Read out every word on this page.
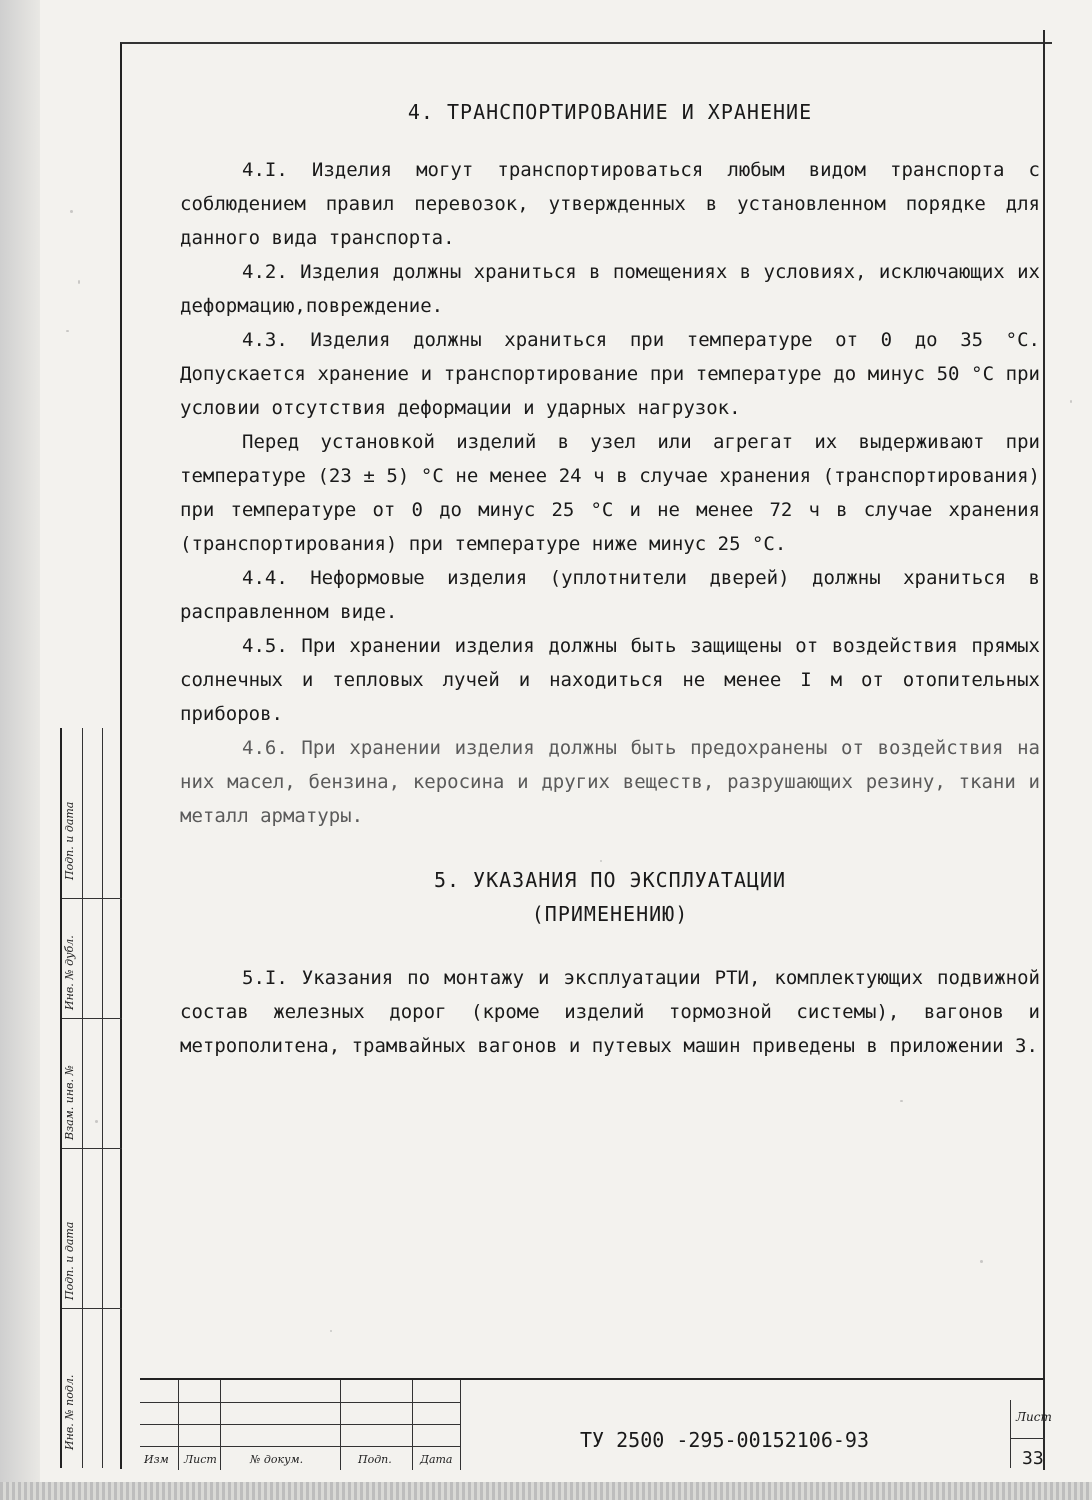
Подп. и дата
Инв. № дубл.
Взам. инв. №
Подп. и дата
Инв. № подл.

4. ТРАНСПОРТИРОВАНИЕ И ХРАНЕНИЕ

4.I. Изделия могут транспортироваться любым видом транспорта с соблюдением правил перевозок, утвержденных в установленном порядке для данного вида транспорта.

4.2. Изделия должны храниться в помещениях в условиях, исключающих их деформацию,повреждение.

4.3. Изделия должны храниться при температуре от 0 до 35 °С. Допускается хранение и транспортирование при температуре до минус 50 °С при условии отсутствия деформации и ударных нагрузок.

Перед установкой изделий в узел или агрегат их выдерживают при температуре (23 ± 5) °С не менее 24 ч в случае хранения (транспортирования) при температуре от 0 до минус 25 °С и не менее 72 ч в случае хранения (транспортирования) при температуре ниже минус 25 °С.

4.4. Неформовые изделия (уплотнители дверей) должны храниться в расправленном виде.

4.5. При хранении изделия должны быть защищены от воздействия прямых солнечных и тепловых лучей и находиться не менее I м от отопительных приборов.

4.6. При хранении изделия должны быть предохранены от воздействия на них масел, бензина, керосина и других веществ, разрушающих резину, ткани и металл арматуры.

5. УКАЗАНИЯ ПО ЭКСПЛУАТАЦИИ

(ПРИМЕНЕНИЮ)

5.I. Указания по монтажу и эксплуатации РТИ, комплектующих подвижной состав железных дорог (кроме изделий тормозной системы), вагонов и метрополитена, трамвайных вагонов и путевых машин приведены в приложении 3.

Изм Лист	№ докум.	Подп.	Дата
ТУ 2500 -295-00152106-93
Лист
33
